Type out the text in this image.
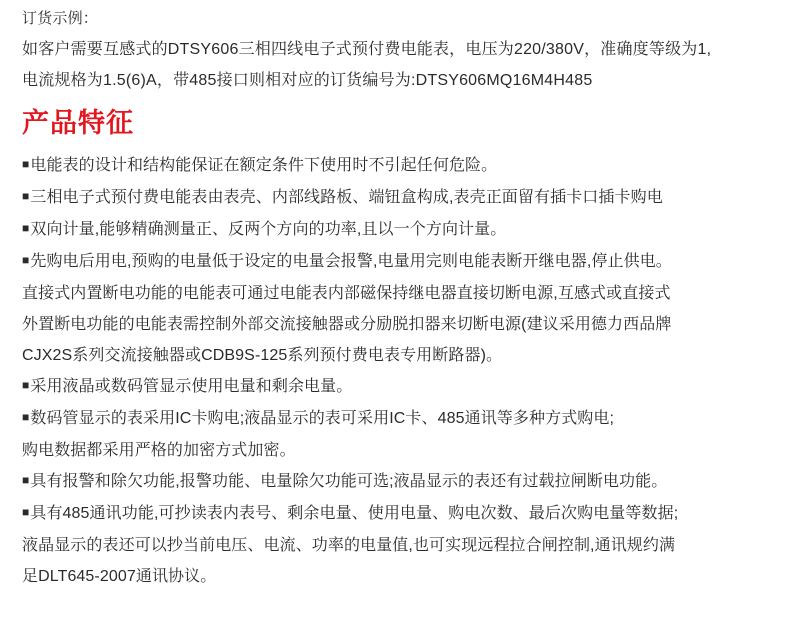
订货示例：
如客户需要互感式的DTSY606三相四线电子式预付费电能表，电压为220/380V，准确度等级为1,
电流规格为1.5(6)A，带485接口则相对应的订货编号为:DTSY606MQ16M4H485
产品特征

■电能表的设计和结构能保证在额定条件下使用时不引起任何危险。

■三相电子式预付费电能表由表壳、内部线路板、端钮盒构成,表壳正面留有插卡口插卡购电

■双向计量,能够精确测量正、反两个方向的功率,且以一个方向计量。

■先购电后用电,预购的电量低于设定的电量会报警,电量用完则电能表断开继电器,停止供电。

直接式内置断电功能的电能表可通过电能表内部磁保持继电器直接切断电源,互感式或直接式

外置断电功能的电能表需控制外部交流接触器或分励脱扣器来切断电源(建议采用德力西品牌

CJX2S系列交流接触器或CDB9S-125系列预付费电表专用断路器)。

■采用液晶或数码管显示使用电量和剩余电量。

■数码管显示的表采用IC卡购电;液晶显示的表可采用IC卡、485通讯等多种方式购电;

购电数据都采用严格的加密方式加密。

■具有报警和除欠功能,报警功能、电量除欠功能可选;液晶显示的表还有过载拉闸断电功能。

■具有485通讯功能,可抄读表内表号、剩余电量、使用电量、购电次数、最后次购电量等数据;

液晶显示的表还可以抄当前电压、电流、功率的电量值,也可实现远程拉合闸控制,通讯规约满

足DLT645-2007通讯协议。
